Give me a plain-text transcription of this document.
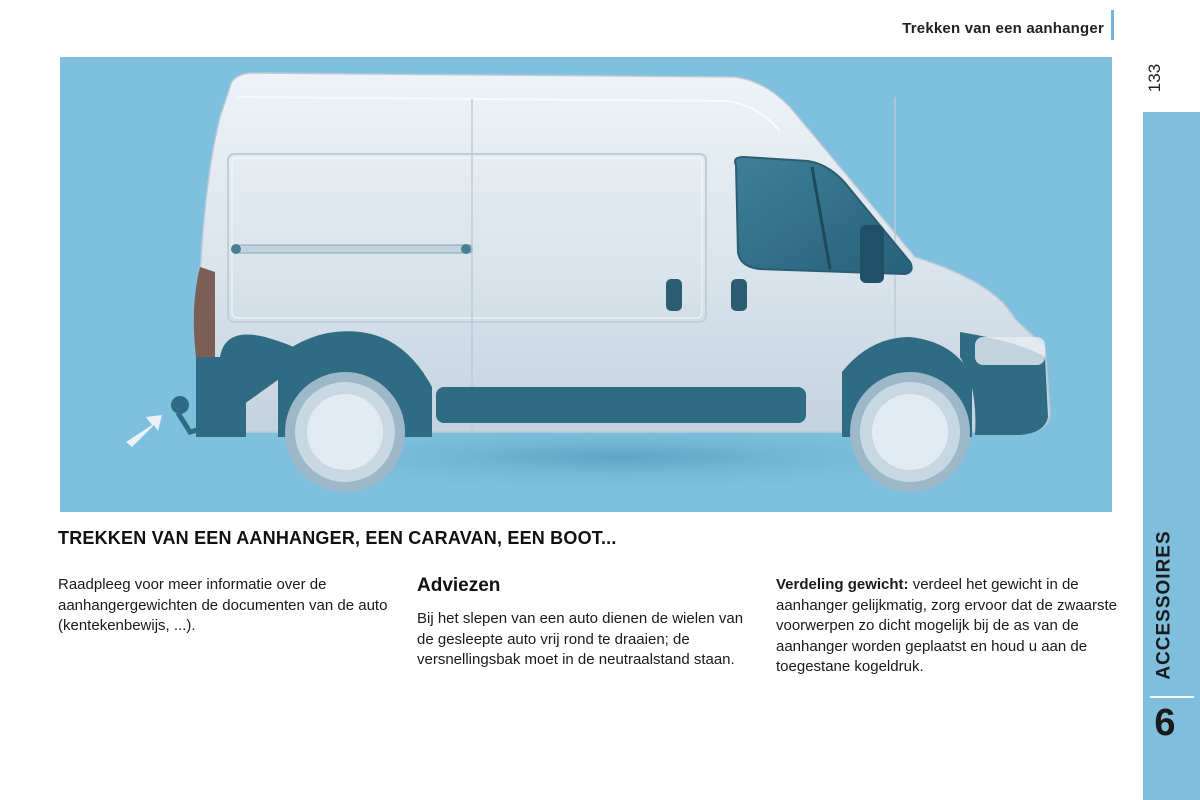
Trekken van een aanhanger
133
ACCESSOIRES
6
TREKKEN VAN EEN AANHANGER, EEN CARAVAN, EEN BOOT...

Raadpleeg voor meer informatie over de aanhangergewichten de documenten van de auto (kentekenbewijs, ...).

Adviezen

Bij het slepen van een auto dienen de wielen van de gesleepte auto vrij rond te draaien; de versnellingsbak moet in de neutraalstand staan.

Verdeling gewicht: verdeel het gewicht in de aanhanger gelijkmatig, zorg ervoor dat de zwaarste voorwerpen zo dicht mogelijk bij de as van de aanhanger worden geplaatst en houd u aan de toegestane kogeldruk.
